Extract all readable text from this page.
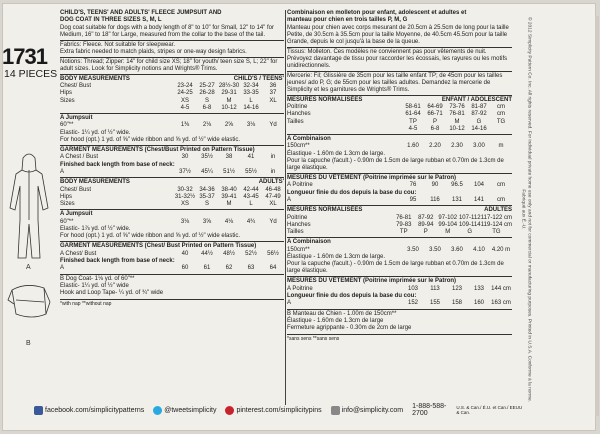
1731
14 PIECES
A
B
CHILD'S, TEENS' AND ADULTS' FLEECE JUMPSUIT AND
DOG COAT IN THREE SIZES S, M, L
Dog coat suitable for dogs with a body length of 8" to 10" for Small, 12" to 14" for Medium, 16" to 18" for Large, measured from the collar to the base of the tail.
Fabrics: Fleece. Not suitable for sleepwear.
Extra fabric needed to match plaids, stripes or one-way design fabrics.
Notions: Thread; Zipper: 14" for child size XS; 18" for youth/ teen size S, L; 22" for adult sizes. Look for Simplicity notions and Wrights® Trims.
BODY MEASUREMENTS	CHILD'S / TEENS'
Chest/ Bust	23-24	25-27	28½-30	32-34	36
Hips	24-25	26-28	29-31	33-35	37
Sizes	XS	S	M	L	XL
	4-5	6-8	10-12	14-16	
A Jumpsuit
60"**	1⅜	2⅛	2⅝	3⅛	Yd
Elastic- 1¼ yd. of ½" wide.
For hood (opt.) 1 yd. of ⅝" wide ribbon and ⅝ yd. of ½" wide elastic.
GARMENT MEASUREMENTS (Chest/Bust Printed on Pattern Tissue)
A Chest / Bust	30	35½	38	41	in
Finished back length from base of neck:
A	37½	45¼	51½	55½	in
BODY MEASUREMENTS	ADULTS'
Chest/ Bust	30-32	34-36	38-40	42-44	46-48
Hips	31-32½	35-37	39-41	43-45	47-49
Sizes	XS	S	M	L	XL
A Jumpsuit
60"**	3⅛	3⅝	4⅛	4¾	Yd
Elastic- 1⅞ yd. of ½" wide.
For hood (opt.) 1 yd. of ⅝" wide ribbon and ⅝ yd. of ½" wide elastic.
GARMENT MEASUREMENTS (Chest/ Bust Printed on Pattern Tissue)
A Chest/ Bust	40	44½	48½	52½	56½
Finished back length from base of neck:
A	60	61	62	63	64
B Dog Coat- 1⅛ yd. of 60"**
Elastic- 1¼ yd. of ½" wide
Hook and Loop Tape- ¼ yd. of ¾" wide
*with nap **without nap
Combinaison en molleton pour enfant, adolescent et adultes et
manteau pour chien en trois tailles P, M, G
Manteau pour chien avec corps mesurant de 20.5cm à 25.5cm de long pour la taille Petite, de 30.5cm à 35.5cm pour la taille Moyenne, de 40.5cm 45.5cm pour la taille Grande, depuis le col jusqu'à la base de la queue.
Tissus: Molleton. Ces modèles ne conviennent pas pour vêtements de nuit. Prévoyez davantage de tissu pour raccorder les écossais, les rayures ou les motifs unidirectionnels.
Mercerie: Fil; Glissière de 35cm pour les taille enfant TP; de 45cm pour les tailles jeunes/ ado P, G; de 55cm pour les tailles adultes. Demandez la mercerie de Simplicity et les garnitures de Wrights® Trims.
MESURES NORMALISÉES	ENFANT / ADOLESCENT
Poitrine	58-61	64-69	73-76	81-87	cm
Hanches	61-64	66-71	76-81	87-92	cm
Tailles	TP	P	M	G	TG
	4-5	6-8	10-12	14-16	
A Combinaison
150cm**	1.60	2.20	2.30	3.00	m
Élastique - 1.60m de 1.3cm de large.
Pour la capuche (facult.) - 0.90m de 1.5cm de large rubban et 0.70m de 1.3cm de large élastique.
MESURES DU VÊTEMENT (Poitrine imprimée sur le Patron)
A Poitrine	76	90	96.5	104	cm
Longueur finie du dos depuis la base du cou:
A	95	116	131	141	cm
MESURES NORMALISÉES	ADULTES
Poitrine	76-81	87-92	97-102	107-112	117-122 cm
Hanches	79-83	89-94	99-104	109-114	119-124 cm
Tailles	TP	P	M	G	TG
A Combinaison
150cm**	3.50	3.50	3.60	4.10	4.20 m
Élastique - 1.60m de 1.3cm de large.
Pour la capuche (facult.) - 0.90m de 1.5cm de large rubban et 0.70m de 1.3cm de large élastique.
MESURES DU VÊTEMENT (Poitrine imprimée sur le Patron)
A Poitrine	103	113	123	133	144 cm
Longueur finie du dos depuis la base du cou:
A	152	155	158	160	163 cm
B Manteau de Chien - 1.00m de 150cm**
Élastique - 1.60m de 1.3cm de large
Fermeture agrippante - 0.30m de 2cm de large
*sans sens **sans sens	© 2012 Simplicity Pattern Co. Inc. All rights reserved. For individual private home use only and not for commercial or manufacturing purposes. Printed in U.S.A. Conforme à la norme. Fabriqué aux É.-U.
facebook.com/simplicitypatterns	@tweetsimplicity	pinterest.com/simplicitypins	info@simplicity.com 1-888-588-2700
U.S. & Can./ É.U. et Can./ EEUU & Can.
